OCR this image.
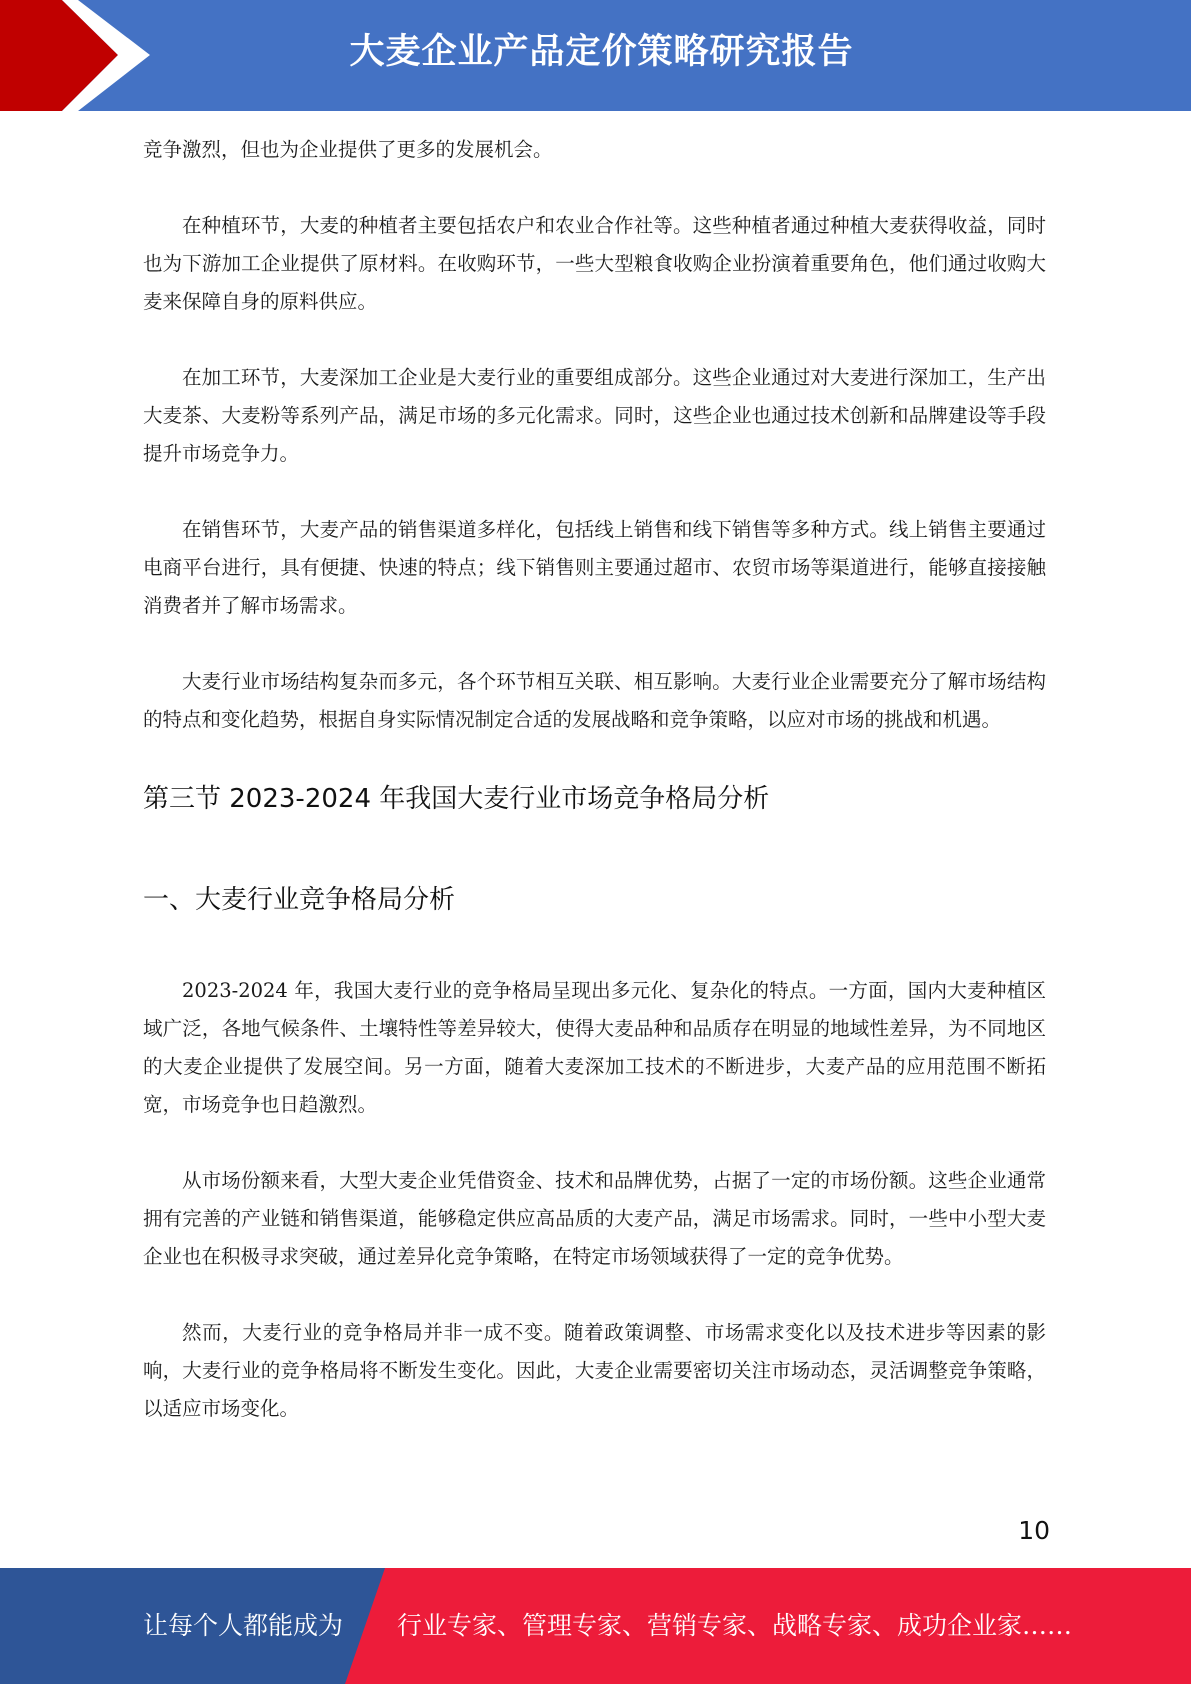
大麦企业产品定价策略研究报告

竞争激烈，但也为企业提供了更多的发展机会。

在种植环节，大麦的种植者主要包括农户和农业合作社等。这些种植者通过种植大麦获得收益，同时也为下游加工企业提供了原材料。在收购环节，一些大型粮食收购企业扮演着重要角色，他们通过收购大麦来保障自身的原料供应。

在加工环节，大麦深加工企业是大麦行业的重要组成部分。这些企业通过对大麦进行深加工，生产出大麦茶、大麦粉等系列产品，满足市场的多元化需求。同时，这些企业也通过技术创新和品牌建设等手段提升市场竞争力。

在销售环节，大麦产品的销售渠道多样化，包括线上销售和线下销售等多种方式。线上销售主要通过电商平台进行，具有便捷、快速的特点；线下销售则主要通过超市、农贸市场等渠道进行，能够直接接触消费者并了解市场需求。

大麦行业市场结构复杂而多元，各个环节相互关联、相互影响。大麦行业企业需要充分了解市场结构的特点和变化趋势，根据自身实际情况制定合适的发展战略和竞争策略，以应对市场的挑战和机遇。

第三节 2023-2024 年我国大麦行业市场竞争格局分析
一、大麦行业竞争格局分析

2023-2024 年，我国大麦行业的竞争格局呈现出多元化、复杂化的特点。一方面，国内大麦种植区域广泛，各地气候条件、土壤特性等差异较大，使得大麦品种和品质存在明显的地域性差异，为不同地区的大麦企业提供了发展空间。另一方面，随着大麦深加工技术的不断进步，大麦产品的应用范围不断拓宽，市场竞争也日趋激烈。

从市场份额来看，大型大麦企业凭借资金、技术和品牌优势，占据了一定的市场份额。这些企业通常拥有完善的产业链和销售渠道，能够稳定供应高品质的大麦产品，满足市场需求。同时，一些中小型大麦企业也在积极寻求突破，通过差异化竞争策略，在特定市场领域获得了一定的竞争优势。

然而，大麦行业的竞争格局并非一成不变。随着政策调整、市场需求变化以及技术进步等因素的影响，大麦行业的竞争格局将不断发生变化。因此，大麦企业需要密切关注市场动态，灵活调整竞争策略，以适应市场变化。

10
让每个人都能成为 行业专家、管理专家、营销专家、战略专家、成功企业家……
